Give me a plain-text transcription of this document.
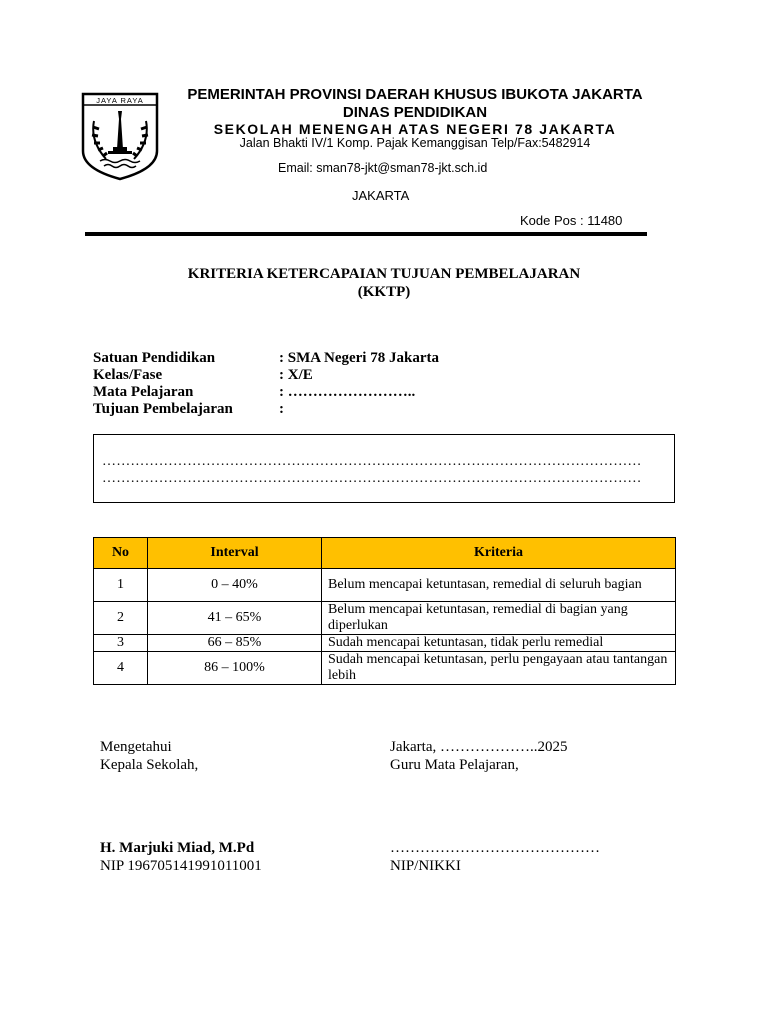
JAYA RAYA	PEMERINTAH PROVINSI DAERAH KHUSUS IBUKOTA JAKARTA
DINAS PENDIDIKAN
SEKOLAH MENENGAH ATAS NEGERI 78 JAKARTA
Jalan Bhakti IV/1 Komp. Pajak Kemanggisan Telp/Fax:5482914
Email: sman78-jkt@sman78-jkt.sch.id
JAKARTA
Kode Pos : 11480
KRITERIA KETERCAPAIAN TUJUAN PEMBELAJARAN
(KKTP)
Satuan Pendidikan	: SMA Negeri 78 Jakarta
Kelas/Fase	: X/E
Mata Pelajaran	: ……………………..
Tujuan Pembelajaran	:
……………………………………………………………………………………………………
……………………………………………………………………………………………………
No	Interval	Kriteria
1	0 – 40%	Belum mencapai ketuntasan, remedial di seluruh bagian
2	41 – 65%	Belum mencapai ketuntasan, remedial di bagian yang diperlukan
3	66 – 85%	Sudah mencapai ketuntasan, tidak perlu remedial
4	86 – 100%	Sudah mencapai ketuntasan, perlu pengayaan atau tantangan lebih
Mengetahui
Kepala Sekolah,
Jakarta, ………………..2025
Guru Mata Pelajaran,
H. Marjuki Miad, M.Pd
NIP 196705141991011001
……………………………………
NIP/NIKKI
